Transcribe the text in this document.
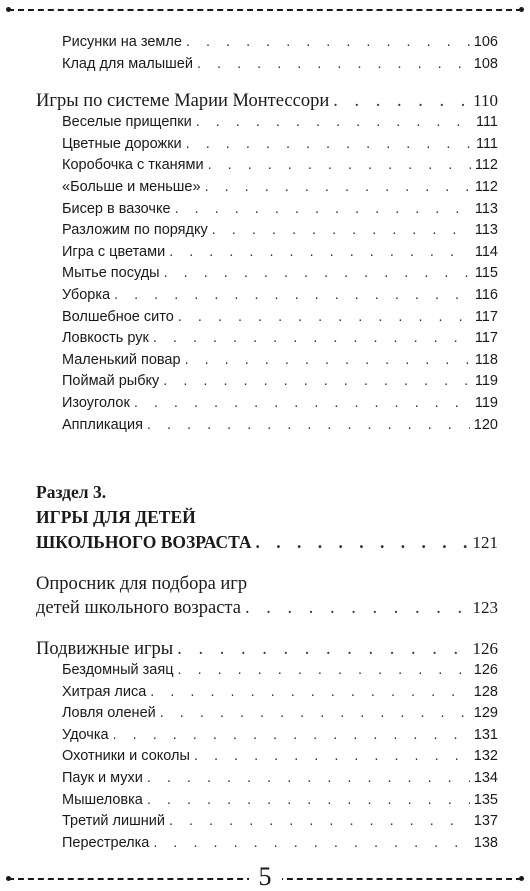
Рисунки на земле . . .	106
Клад для малышей . . .	108
Игры по системе Марии Монтессори . . .	110
Веселые прищепки . . .	111
Цветные дорожки . . .	111
Коробочка с тканями . . .	112
«Больше и меньше» . . .	112
Бисер в вазочке . . .	113
Разложим по порядку . . .	113
Игра с цветами . . .	114
Мытье посуды . . .	115
Уборка . . .	116
Волшебное сито . . .	117
Ловкость рук . . .	117
Маленький повар . . .	118
Поймай рыбку . . .	119
Изоуголок . . .	119
Аппликация . . .	120
Раздел 3.
ИГРЫ ДЛЯ ДЕТЕЙ
ШКОЛЬНОГО ВОЗРАСТА . . .	121
Опросник для подбора игр
детей школьного возраста . . .	123
Подвижные игры . . .	126
Бездомный заяц . . .	126
Хитрая лиса . . .	128
Ловля оленей . . .	129
Удочка . . .	131
Охотники и соколы . . .	132
Паук и мухи . . .	134
Мышеловка . . .	135
Третий лишний . . .	137
Перестрелка . . .	138
5
